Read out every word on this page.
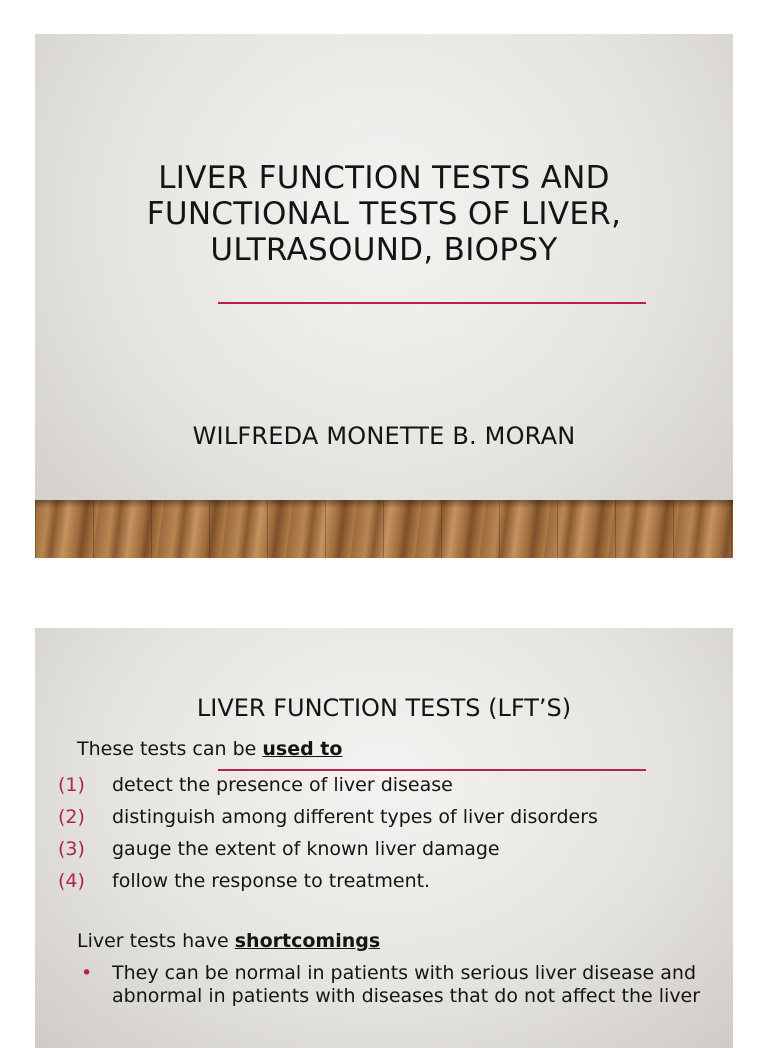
LIVER FUNCTION TESTS AND
FUNCTIONAL TESTS OF LIVER,
ULTRASOUND, BIOPSY
WILFREDA MONETTE B. MORAN
LIVER FUNCTION TESTS (LFT’S)
These tests can be used to
(1)	detect the presence of liver disease
(2)	distinguish among different types of liver disorders
(3)	gauge the extent of known liver damage
(4)	follow the response to treatment.
Liver tests have shortcomings
•	They can be normal in patients with serious liver disease and abnormal in patients with diseases that do not affect the liver
